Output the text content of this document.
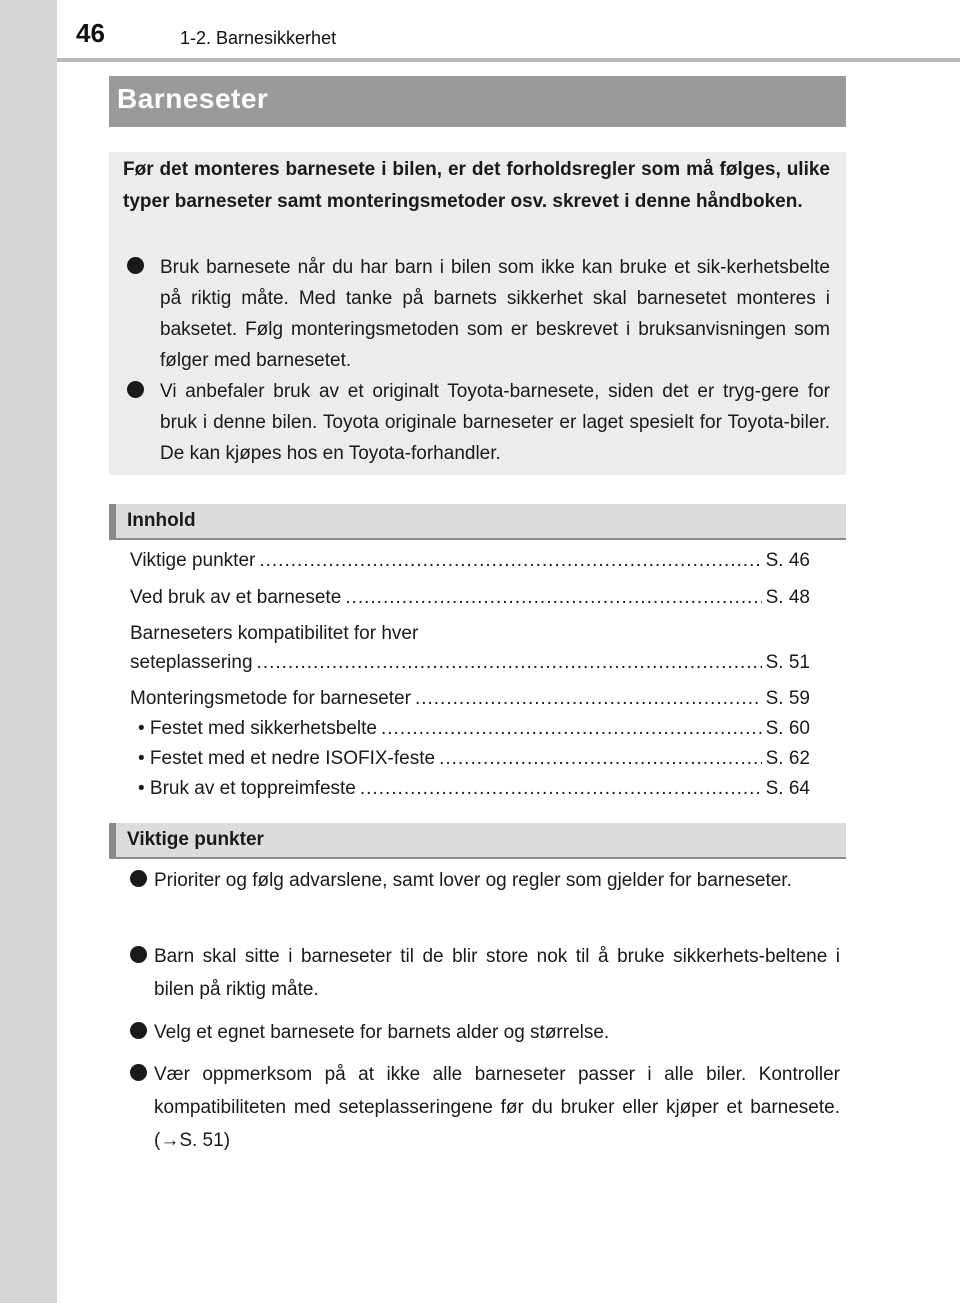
46	1-2. Barnesikkerhet
Barneseter

Før det monteres barnesete i bilen, er det forholdsregler som må følges, ulike typer barneseter samt monteringsmetoder osv. skrevet i denne håndboken.

Bruk barnesete når du har barn i bilen som ikke kan bruke et sik-kerhetsbelte på riktig måte. Med tanke på barnets sikkerhet skal barnesetet monteres i baksetet. Følg monteringsmetoden som er beskrevet i bruksanvisningen som følger med barnesetet.

Vi anbefaler bruk av et originalt Toyota-barnesete, siden det er tryg-gere for bruk i denne bilen. Toyota originale barneseter er laget spesielt for Toyota-biler. De kan kjøpes hos en Toyota-forhandler.

Innhold
Viktige punkter .....	S. 46
Ved bruk av et barnesete .....	S. 48
Barneseters kompatibilitet for hver
seteplassering .....	S. 51
Monteringsmetode for barneseter .....	S. 59
• Festet med sikkerhetsbelte .....	S. 60
• Festet med et nedre ISOFIX-feste .....	S. 62
• Bruk av et toppreimfeste .....	S. 64
Viktige punkter

Prioriter og følg advarslene, samt lover og regler som gjelder for barneseter.

Barn skal sitte i barneseter til de blir store nok til å bruke sikkerhets-beltene i bilen på riktig måte.

Velg et egnet barnesete for barnets alder og størrelse.

Vær oppmerksom på at ikke alle barneseter passer i alle biler. Kontroller kompatibiliteten med seteplasseringene før du bruker eller kjøper et barnesete. (→S. 51)
